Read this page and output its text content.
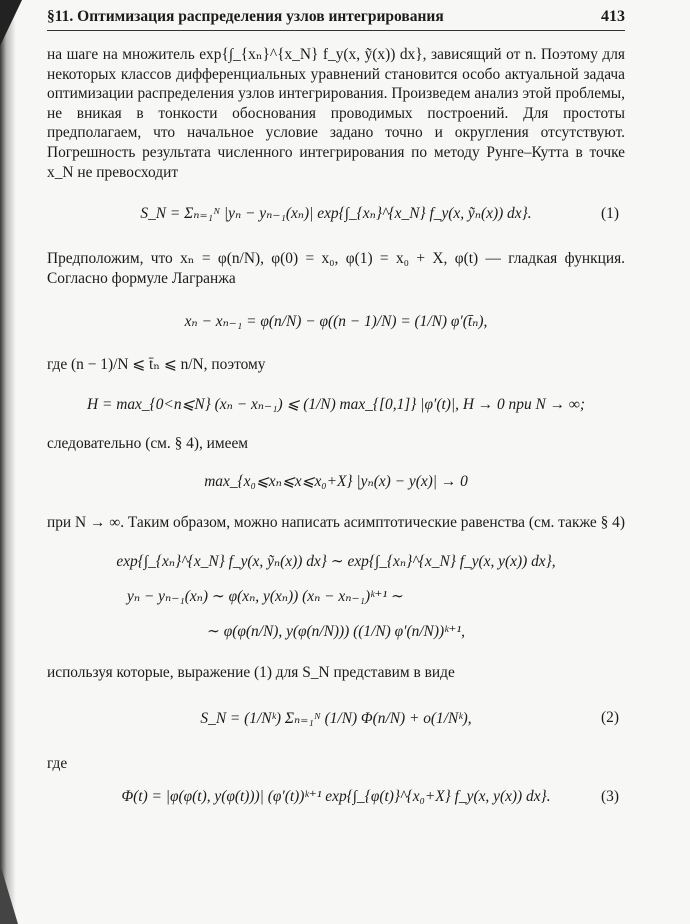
§11. Оптимизация распределения узлов интегрирования	413

на шаге на множитель exp{∫_{xₙ}^{x_N} f_y(x, ỹ(x)) dx}, зависящий от n. Поэтому для некоторых классов дифференциальных уравнений становится особо актуальной задача оптимизации распределения узлов интегрирования. Произведем анализ этой проблемы, не вникая в тонкости обоснования проводимых построений. Для простоты предполагаем, что начальное условие задано точно и округления отсутствуют. Погрешность результата численного интегрирования по методу Рунге–Кутта в точке x_N не превосходит

S_N = Σₙ₌₁ᴺ |yₙ − yₙ₋₁(xₙ)| exp{∫_{xₙ}^{x_N} f_y(x, ỹₙ(x)) dx}.	(1)

Предположим, что xₙ = φ(n/N), φ(0) = x₀, φ(1) = x₀ + X, φ(t) — гладкая функция. Согласно формуле Лагранжа

xₙ − xₙ₋₁ = φ(n/N) − φ((n − 1)/N) = (1/N) φ′(t̄ₙ),

где (n − 1)/N ⩽ t̄ₙ ⩽ n/N, поэтому

H = max_{0<n⩽N} (xₙ − xₙ₋₁) ⩽ (1/N) max_{[0,1]} |φ′(t)|, H → 0 при N → ∞;

следовательно (см. § 4), имеем

max_{x₀⩽xₙ⩽x⩽x₀+X} |yₙ(x) − y(x)| → 0

при N → ∞. Таким образом, можно написать асимптотические равенства (см. также § 4)

exp{∫_{xₙ}^{x_N} f_y(x, ỹₙ(x)) dx} ∼ exp{∫_{xₙ}^{x_N} f_y(x, y(x)) dx},
yₙ − yₙ₋₁(xₙ) ∼ φ(xₙ, y(xₙ)) (xₙ − xₙ₋₁)ᵏ⁺¹ ∼
∼ φ(φ(n/N), y(φ(n/N))) ((1/N) φ′(n/N))ᵏ⁺¹,

используя которые, выражение (1) для S_N представим в виде

S_N = (1/Nᵏ) Σₙ₌₁ᴺ (1/N) Φ(n/N) + o(1/Nᵏ),	(2)

где

Φ(t) = |φ(φ(t), y(φ(t)))| (φ′(t))ᵏ⁺¹ exp{∫_{φ(t)}^{x₀+X} f_y(x, y(x)) dx}.	(3)
